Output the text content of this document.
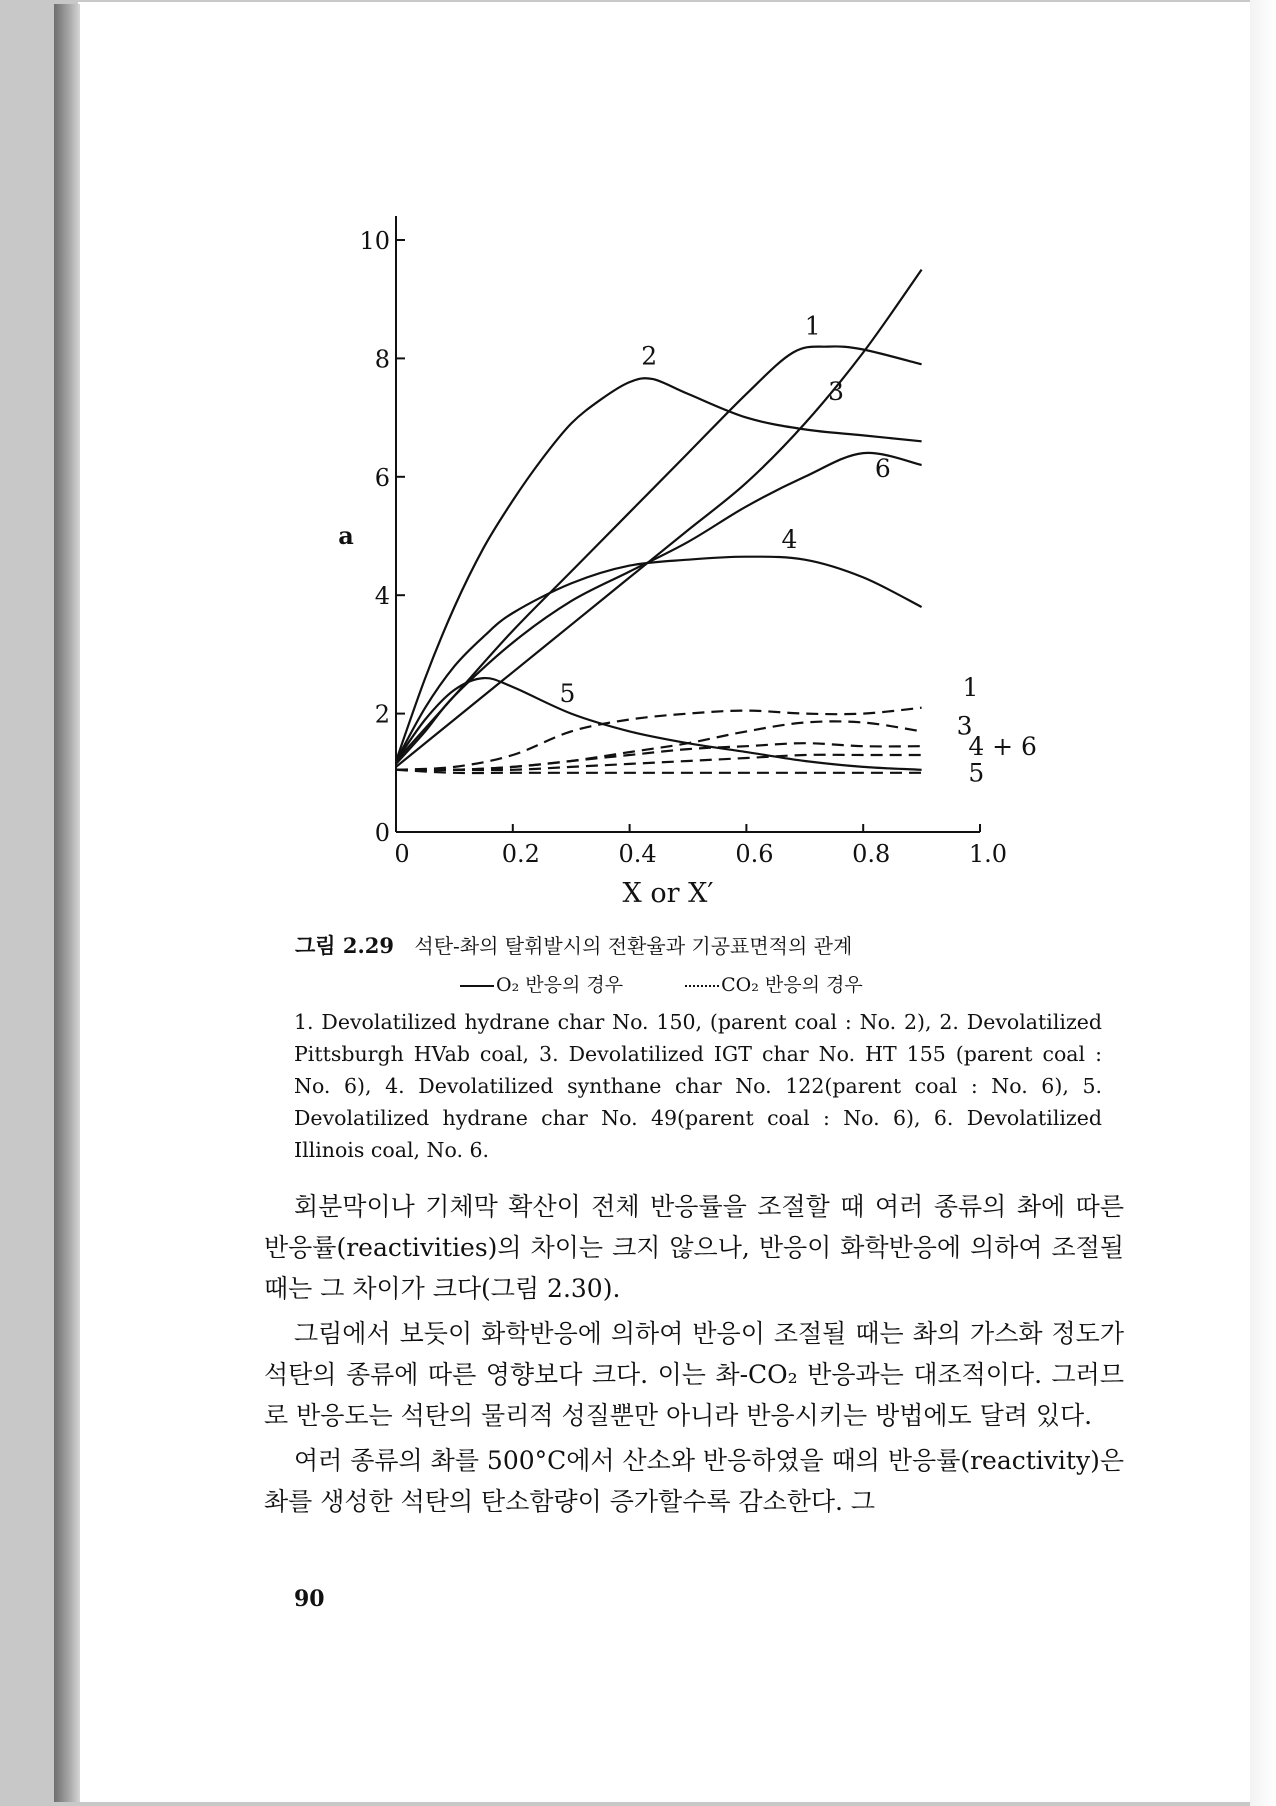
0	0.2	0.4	0.6	0.8	1.0
0
2
4
6
8
10
X or X′
a
1
2
3
6
4
5	1
3
4 + 6
5
그림 2.29 석탄-촤의 탈휘발시의 전환율과 기공표면적의 관계
O₂ 반응의 경우	CO₂ 반응의 경우

1. Devolatilized hydrane char No. 150, (parent coal : No. 2), 2. Devolatilized Pittsburgh HVab coal, 3. Devolatilized IGT char No. HT 155 (parent coal : No. 6), 4. Devolatilized synthane char No. 122(parent coal : No. 6), 5. Devolatilized hydrane char No. 49(parent coal : No. 6), 6. Devolatilized Illinois coal, No. 6.

회분막이나 기체막 확산이 전체 반응률을 조절할 때 여러 종류의 촤에 따른 반응률(reactivities)의 차이는 크지 않으나, 반응이 화학반응에 의하여 조절될 때는 그 차이가 크다(그림 2.30).

그림에서 보듯이 화학반응에 의하여 반응이 조절될 때는 촤의 가스화 정도가 석탄의 종류에 따른 영향보다 크다. 이는 촤-CO₂ 반응과는 대조적이다. 그러므로 반응도는 석탄의 물리적 성질뿐만 아니라 반응시키는 방법에도 달려 있다.

여러 종류의 촤를 500°C에서 산소와 반응하였을 때의 반응률(reactivity)은 촤를 생성한 석탄의 탄소함량이 증가할수록 감소한다. 그

90
